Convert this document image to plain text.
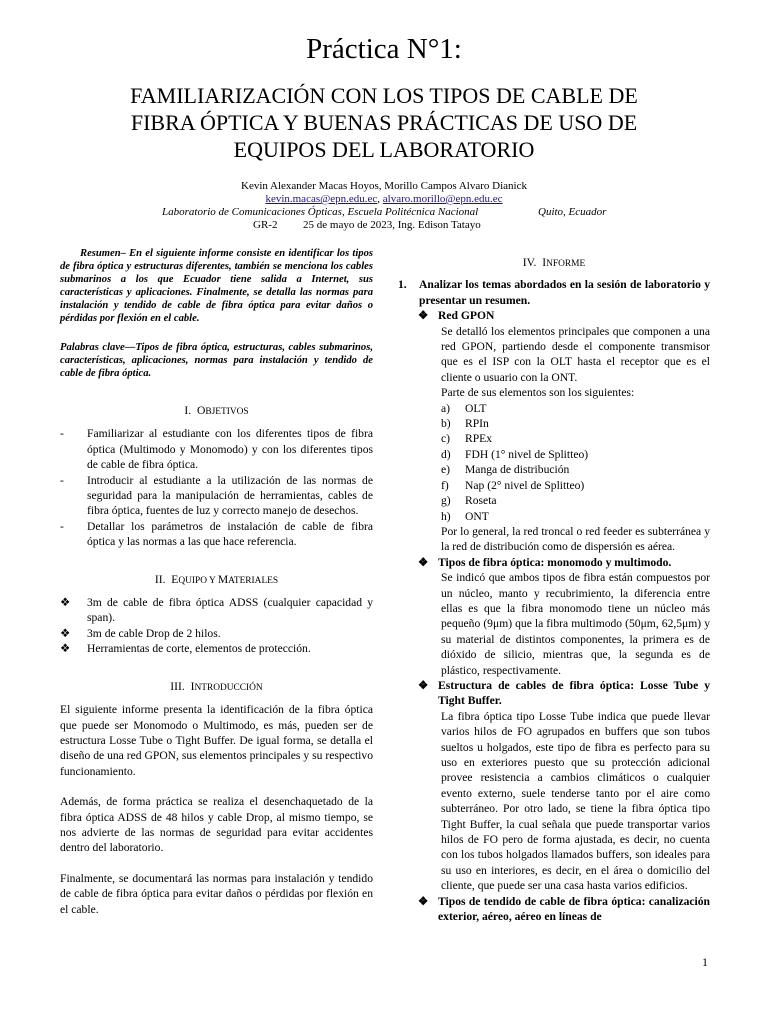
Práctica N°1:
FAMILIARIZACIÓN CON LOS TIPOS DE CABLE DE
FIBRA ÓPTICA Y BUENAS PRÁCTICAS DE USO DE
EQUIPOS DEL LABORATORIO
Kevin Alexander Macas Hoyos, Morillo Campos Alvaro Dianick
kevin.macas@epn.edu.ec, alvaro.morillo@epn.edu.ec
Laboratorio de Comunicaciones Ópticas, Escuela Politécnica Nacional	Quito, Ecuador
GR-2 25 de mayo de 2023, Ing. Edison Tatayo

Resumen– En el siguiente informe consiste en identificar los tipos de fibra óptica y estructuras diferentes, también se menciona los cables submarinos a los que Ecuador tiene salida a Internet, sus características y aplicaciones. Finalmente, se detalla las normas para instalación y tendido de cable de fibra óptica para evitar daños o pérdidas por flexión en el cable.

Palabras clave—Tipos de fibra óptica, estructuras, cables submarinos, características, aplicaciones, normas para instalación y tendido de cable de fibra óptica.

I. OBJETIVOS

- Familiarizar al estudiante con los diferentes tipos de fibra óptica (Multimodo y Monomodo) y con los diferentes tipos de cable de fibra óptica.
- Introducir al estudiante a la utilización de las normas de seguridad para la manipulación de herramientas, cables de fibra óptica, fuentes de luz y correcto manejo de desechos.
- Detallar los parámetros de instalación de cable de fibra óptica y las normas a las que hace referencia.

II. EQUIPO Y MATERIALES

❖ 3m de cable de fibra óptica ADSS (cualquier capacidad y span).
❖ 3m de cable Drop de 2 hilos.
❖ Herramientas de corte, elementos de protección.

III. INTRODUCCIÓN

El siguiente informe presenta la identificación de la fibra óptica que puede ser Monomodo o Multimodo, es más, pueden ser de estructura Losse Tube o Tight Buffer. De igual forma, se detalla el diseño de una red GPON, sus elementos principales y su respectivo funcionamiento.

Además, de forma práctica se realiza el desenchaquetado de la fibra óptica ADSS de 48 hilos y cable Drop, al mismo tiempo, se nos advierte de las normas de seguridad para evitar accidentes dentro del laboratorio.

Finalmente, se documentará las normas para instalación y tendido de cable de fibra óptica para evitar daños o pérdidas por flexión en el cable.

IV. INFORME

1. Analizar los temas abordados en la sesión de laboratorio y presentar un resumen.
❖ Red GPON

Se detalló los elementos principales que componen a una red GPON, partiendo desde el componente transmisor que es el ISP con la OLT hasta el receptor que es el cliente o usuario con la ONT.

Parte de sus elementos son los siguientes:

a) OLT
b) RPIn
c) RPEx
d) FDH (1° nivel de Splitteo)
e) Manga de distribución
f) Nap (2° nivel de Splitteo)
g) Roseta
h) ONT

Por lo general, la red troncal o red feeder es subterránea y la red de distribución como de dispersión es aérea.

❖ Tipos de fibra óptica: monomodo y multimodo.

Se indicó que ambos tipos de fibra están compuestos por un núcleo, manto y recubrimiento, la diferencia entre ellas es que la fibra monomodo tiene un núcleo más pequeño (9μm) que la fibra multimodo (50μm, 62,5μm) y su material de distintos componentes, la primera es de dióxido de silicio, mientras que, la segunda es de plástico, respectivamente.

❖ Estructura de cables de fibra óptica: Losse Tube y Tight Buffer.

La fibra óptica tipo Losse Tube indica que puede llevar varios hilos de FO agrupados en buffers que son tubos sueltos u holgados, este tipo de fibra es perfecto para su uso en exteriores puesto que su protección adicional provee resistencia a cambios climáticos o cualquier evento externo, suele tenderse tanto por el aire como subterráneo. Por otro lado, se tiene la fibra óptica tipo Tight Buffer, la cual señala que puede transportar varios hilos de FO pero de forma ajustada, es decir, no cuenta con los tubos holgados llamados buffers, son ideales para su uso en interiores, es decir, en el área o domicilio del cliente, que puede ser una casa hasta varios edificios.

❖ Tipos de tendido de cable de fibra óptica: canalización exterior, aéreo, aéreo en líneas de
1
